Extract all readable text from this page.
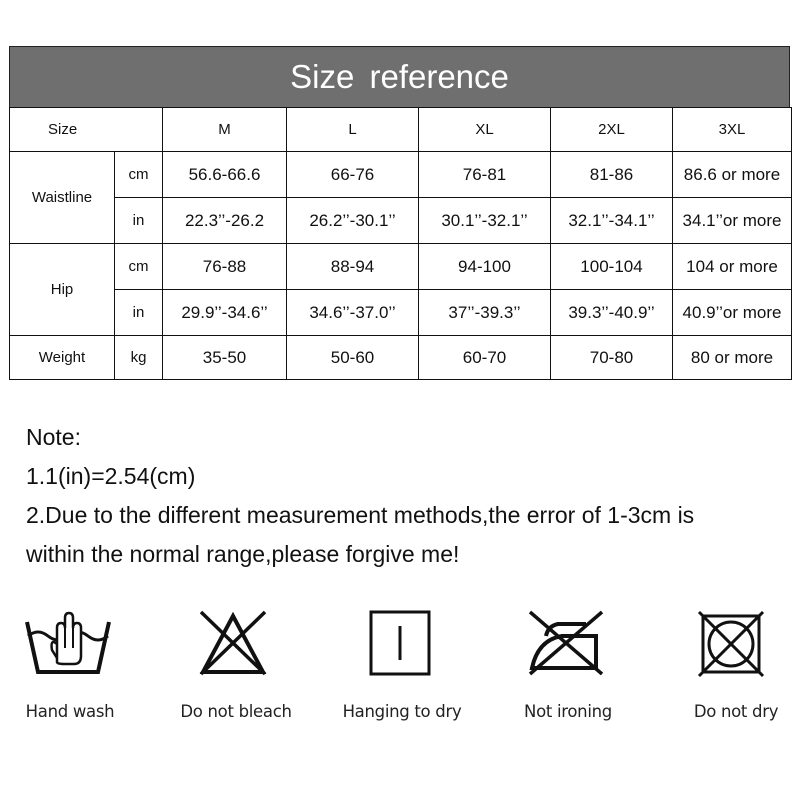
Size reference
Size		M	L	XL	2XL	3XL
Waistline	cm	56.6-66.6	66-76	76-81	81-86	86.6 or more
	in	22.3’’-26.2	26.2’’-30.1’’	30.1’’-32.1’’	32.1’’-34.1’’	34.1’’or more
Hip	cm	76-88	88-94	94-100	100-104	104 or more
	in	29.9’’-34.6’’	34.6’’-37.0’’	37’’-39.3’’	39.3’’-40.9’’	40.9’’or more
Weight	kg	35-50	50-60	60-70	70-80	80 or more
Note:
1.1(in)=2.54(cm)
2.Due to the different measurement methods,the error of 1-3cm is
within the normal range,please forgive me!
Hand wash	Do not bleach	Hanging to dry	Not ironing	Do not dry
